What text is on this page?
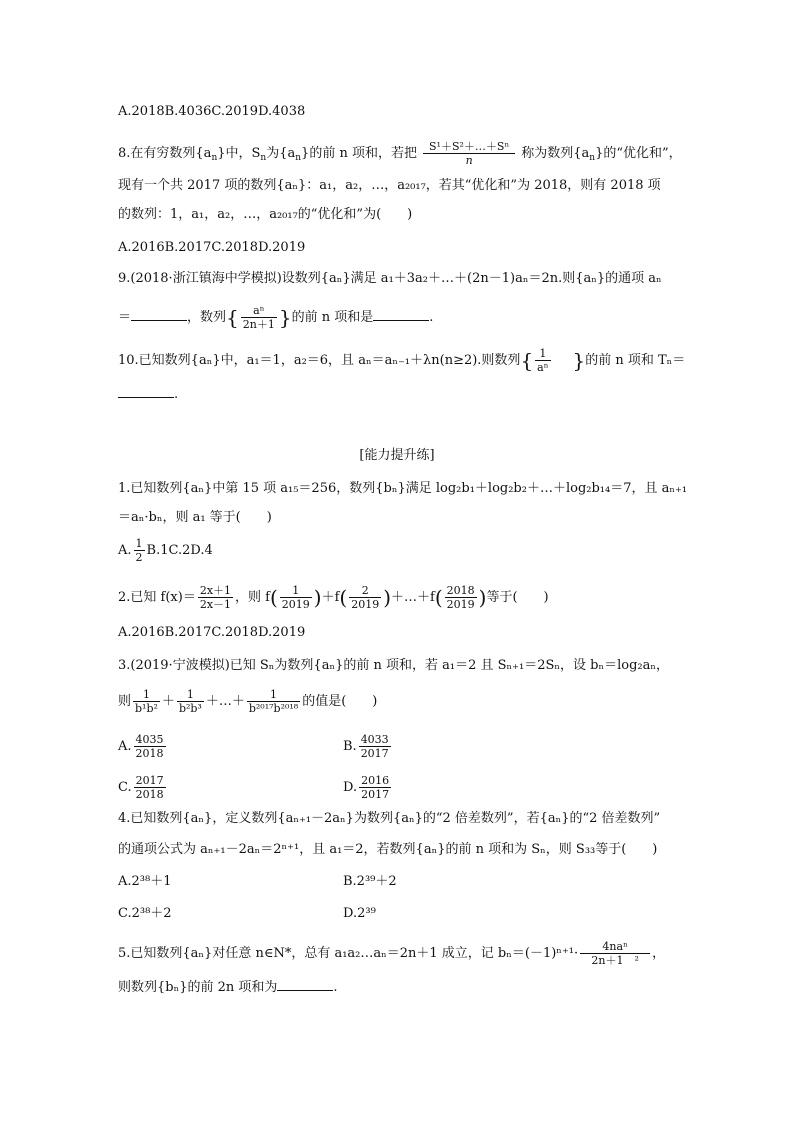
A.2018B.4036C.2019D.4038
8.在有穷数列$\{a_n\}$中，$S_n$为$\{a_n\}$的前 n 项和，若把 $\frac{\text{S¹＋S²＋…＋Sⁿ}}{n}$ 称为数列$\{a_n\}$的“优化和”，
现有一个共 2017 项的数列{aₙ}：a₁，a₂，…，a₂₀₁₇，若其“优化和”为 2018，则有 2018 项
的数列：1，a₁，a₂，…，a₂₀₁₇的“优化和”为(　　)
A.2016B.2017C.2018D.2019
9.(2018·浙江镇海中学模拟)设数列{aₙ}满足 a₁＋3a₂＋…＋(2n－1)aₙ＝2n.则{aₙ}的通项 aₙ
＝	，数列{ $\frac{\text{aⁿ}}{2n+1}$ }的前 n 项和是	.
10.已知数列{aₙ}中，a₁＝1，a₂＝6，且 aₙ＝aₙ₋₁＋λn(n≥2).则数列{ $\frac{1}{\text{aⁿ}}$ }的前 n 项和 Tₙ＝
.
[能力提升练]
1.已知数列{aₙ}中第 15 项 a₁₅＝256，数列{bₙ}满足 log₂b₁＋log₂b₂＋…＋log₂b₁₄＝7，且 aₙ₊₁
＝aₙ·bₙ，则 a₁ 等于(　　)
A. $\frac{1}{2} B.1C.2D.4$
2.已知 $f(x)= \frac{2x+1}{2x-1}$ ，则 $f( \frac{1}{2019} )+f( \frac{2}{2019}$ )＋…＋f( $\frac{2018}{2019}$ )等于(　　)
A.2016B.2017C.2018D.2019
3.(2019·宁波模拟)已知 Sₙ为数列{aₙ}的前 n 项和，若 a₁＝2 且 Sₙ₊₁＝2Sₙ，设 bₙ＝log₂aₙ，
则 $\frac{1}{\text{b¹b²}} + \frac{1}{\text{b²b³}}$ ＋…＋ $\frac{1}{\text{b²⁰¹⁷b²⁰¹⁸}}$ 的值是(　　)
A. $\frac{4035}{2018}$	B. $\frac{4033}{2017}$
C. $\frac{2017}{2018}$	D. $\frac{2016}{2017}$
4.已知数列{aₙ}，定义数列{aₙ₊₁－2aₙ}为数列{aₙ}的“2 倍差数列”，若{aₙ}的“2 倍差数列”
的通项公式为 aₙ₊₁－2aₙ＝2ⁿ⁺¹，且 a₁＝2，若数列{aₙ}的前 n 项和为 Sₙ，则 S₃₃等于(　　)
A.2³⁸＋1	B.2³⁹＋2
C.2³⁸＋2	D.2³⁹
5.已知数列{aₙ}对任意 n∈N*，总有 a₁a₂…aₙ＝2n＋1 成立，记 $b_n=(-1)^{n+1}\cdot \frac{\text{4naⁿ}}{\text{2n＋1　²}}$ ，
则数列{bₙ}的前 2n 项和为	.
